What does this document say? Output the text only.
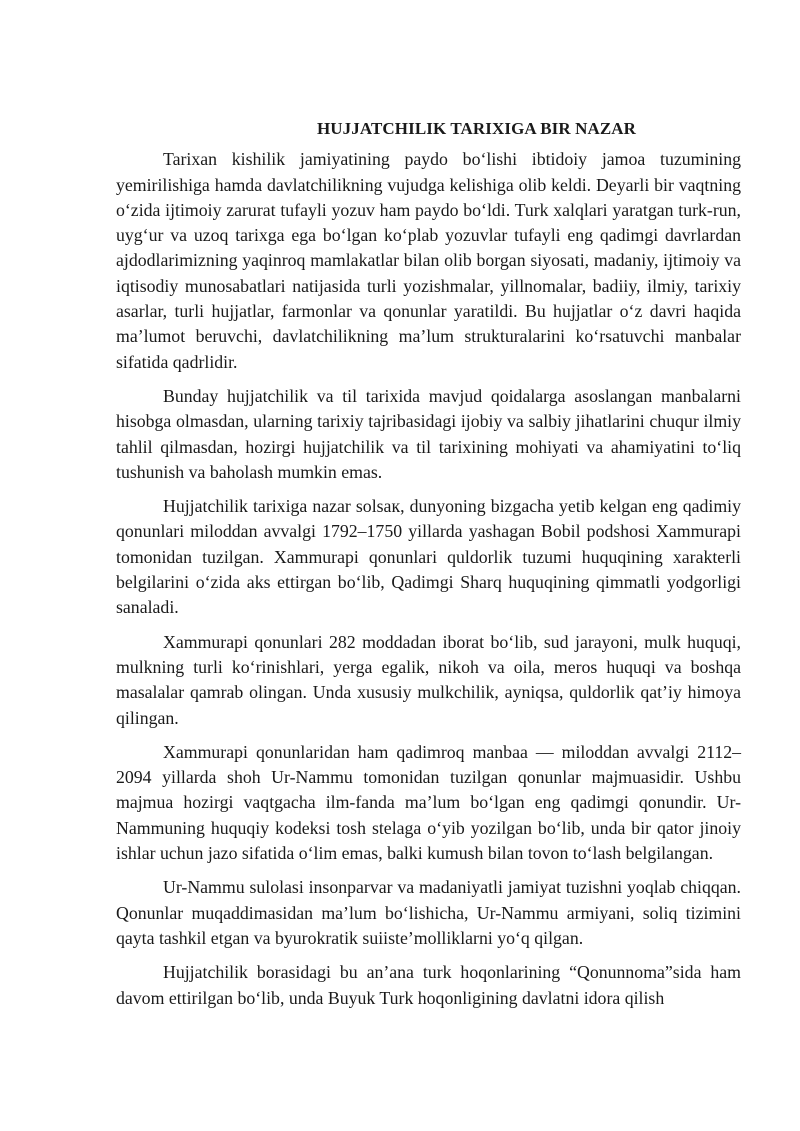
HUJJATCHILIK TARIXIGA BIR NAZAR

Tarixan kishilik jamiyatining paydo bo‘lishi ibtidoiy jamoa tuzumining yemirilishiga hamda davlatchilikning vujudga kelishiga olib keldi. Deyarli bir vaqtning o‘zida ijtimoiy zarurat tufayli yozuv ham paydo bo‘ldi. Turk xalqlari yaratgan turk-run, uyg‘ur va uzoq tarixga ega bo‘lgan ko‘plab yozuvlar tufayli eng qadimgi davrlardan ajdodlarimizning yaqinroq mamlakatlar bilan olib borgan siyosati, madaniy, ijtimoiy va iqtisodiy munosabatlari natijasida turli yozishmalar, yillnomalar, badiiy, ilmiy, tarixiy asarlar, turli hujjatlar, farmonlar va qonunlar yaratildi. Bu hujjatlar o‘z davri haqida ma’lumot beruvchi, davlatchilikning ma’lum strukturalarini ko‘rsatuvchi manbalar sifatida qadrlidir.

Bunday hujjatchilik va til tarixida mavjud qoidalarga asoslangan manbalarni hisobga olmasdan, ularning tarixiy tajribasidagi ijobiy va salbiy jihatlarini chuqur ilmiy tahlil qilmasdan, hozirgi hujjatchilik va til tarixining mohiyati va ahamiyatini to‘liq tushunish va baholash mumkin emas.

Hujjatchilik tarixiga nazar solsaк, dunyoning bizgacha yetib kelgan eng qadimiy qonunlari miloddan avvalgi 1792–1750 yillarda yashagan Bobil podshosi Xammurapi tomonidan tuzilgan. Xammurapi qonunlari quldorlik tuzumi huquqining xarakterli belgilarini o‘zida aks ettirgan bo‘lib, Qadimgi Sharq huquqining qimmatli yodgorligi sanaladi.

Xammurapi qonunlari 282 moddadan iborat bo‘lib, sud jarayoni, mulk huquqi, mulkning turli ko‘rinishlari, yerga egalik, nikoh va oila, meros huquqi va boshqa masalalar qamrab olingan. Unda xususiy mulkchilik, ayniqsa, quldorlik qat’iy himoya qilingan.

Xammurapi qonunlaridan ham qadimroq manbaa — miloddan avvalgi 2112–2094 yillarda shoh Ur-Nammu tomonidan tuzilgan qonunlar majmuasidir. Ushbu majmua hozirgi vaqtgacha ilm-fanda ma’lum bo‘lgan eng qadimgi qonundir. Ur-Nammuning huquqiy kodeksi tosh stelaga o‘yib yozilgan bo‘lib, unda bir qator jinoiy ishlar uchun jazo sifatida o‘lim emas, balki kumush bilan tovon to‘lash belgilangan.

Ur-Nammu sulolasi insonparvar va madaniyatli jamiyat tuzishni yoqlab chiqqan. Qonunlar muqaddimasidan ma’lum bo‘lishicha, Ur-Nammu armiyani, soliq tizimini qayta tashkil etgan va byurokratik suiiste’molliklarni yo‘q qilgan.

Hujjatchilik borasidagi bu an’ana turk hoqonlarining “Qonunnoma”sida ham davom ettirilgan bo‘lib, unda Buyuk Turk hoqonligining davlatni idora qilish
